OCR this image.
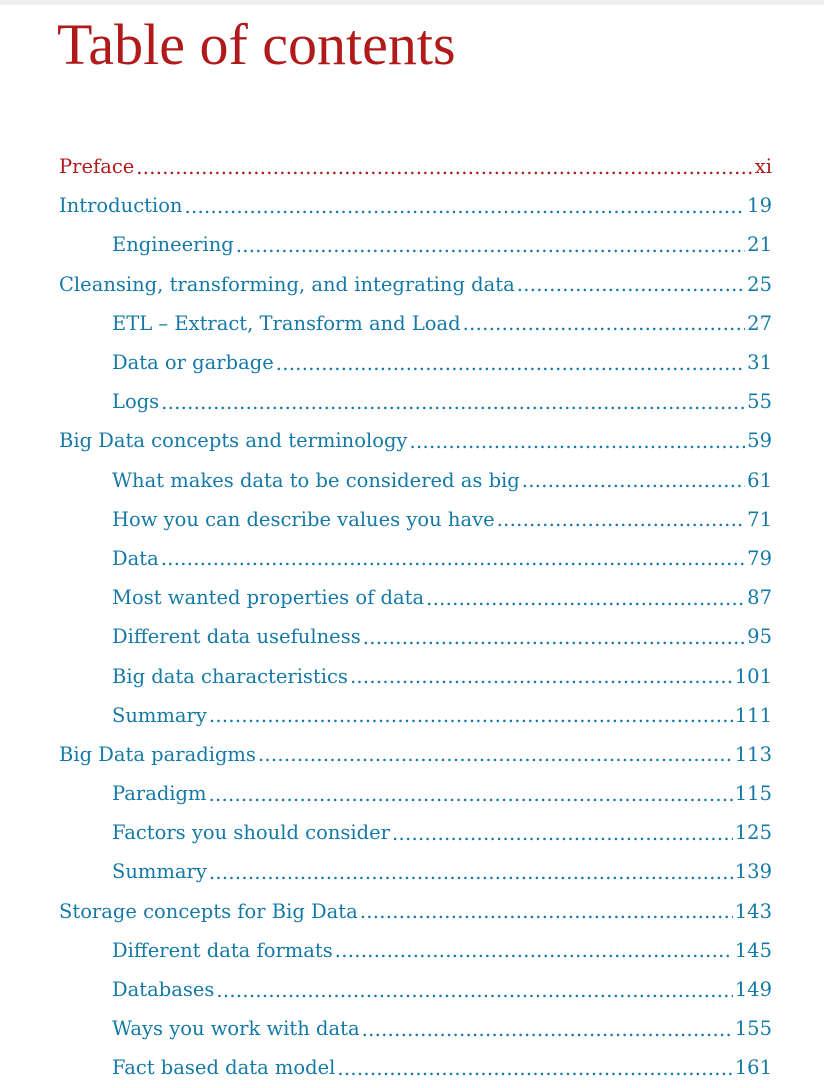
Table of contents
Preface .....	xi
Introduction .....	19
Engineering .....	21
Cleansing, transforming, and integrating data .....	25
ETL – Extract, Transform and Load .....	27
Data or garbage .....	31
Logs .....	55
Big Data concepts and terminology .....	59
What makes data to be considered as big .....	61
How you can describe values you have .....	71
Data .....	79
Most wanted properties of data .....	87
Different data usefulness .....	95
Big data characteristics .....	101
Summary .....	111
Big Data paradigms .....	113
Paradigm .....	115
Factors you should consider .....	125
Summary .....	139
Storage concepts for Big Data .....	143
Different data formats .....	145
Databases .....	149
Ways you work with data .....	155
Fact based data model .....	161
